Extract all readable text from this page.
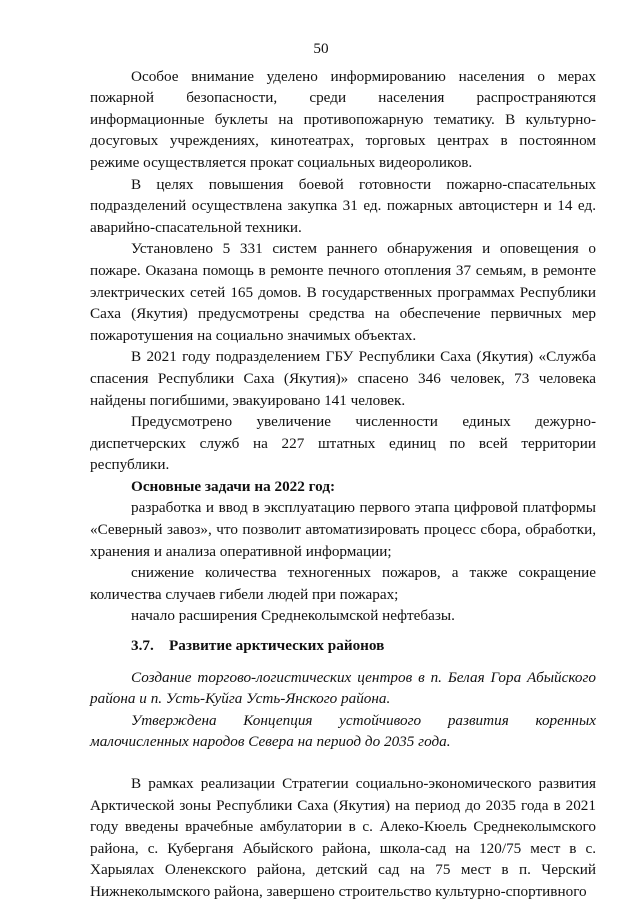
50

Особое внимание уделено информированию населения о мерах пожарной безопасности, среди населения распространяются информационные буклеты на противопожарную тематику. В культурно-досуговых учреждениях, кинотеатрах, торговых центрах в постоянном режиме осуществляется прокат социальных видеороликов.

В целях повышения боевой готовности пожарно-спасательных подразделений осуществлена закупка 31 ед. пожарных автоцистерн и 14 ед. аварийно-спасательной техники.

Установлено 5 331 систем раннего обнаружения и оповещения о пожаре. Оказана помощь в ремонте печного отопления 37 семьям, в ремонте электрических сетей 165 домов. В государственных программах Республики Саха (Якутия) предусмотрены средства на обеспечение первичных мер пожаротушения на социально значимых объектах.

В 2021 году подразделением ГБУ Республики Саха (Якутия) «Служба спасения Республики Саха (Якутия)» спасено 346 человек, 73 человека найдены погибшими, эвакуировано 141 человек.

Предусмотрено увеличение численности единых дежурно-диспетчерских служб на 227 штатных единиц по всей территории республики.

Основные задачи на 2022 год:

разработка и ввод в эксплуатацию первого этапа цифровой платформы «Северный завоз», что позволит автоматизировать процесс сбора, обработки, хранения и анализа оперативной информации;

снижение количества техногенных пожаров, а также сокращение количества случаев гибели людей при пожарах;

начало расширения Среднеколымской нефтебазы.

3.7. Развитие арктических районов

Создание торгово-логистических центров в п. Белая Гора Абыйского района и п. Усть-Куйга Усть-Янского района.

Утверждена Концепция устойчивого развития коренных малочисленных народов Севера на период до 2035 года.

В рамках реализации Стратегии социально-экономического развития Арктической зоны Республики Саха (Якутия) на период до 2035 года в 2021 году введены врачебные амбулатории в с. Алеко-Кюель Среднеколымского района, с. Куберганя Абыйского района, школа-сад на 120/75 мест в с. Харыялах Оленекского района, детский сад на 75 мест в п. Черский Нижнеколымского района, завершено строительство культурно-спортивного
